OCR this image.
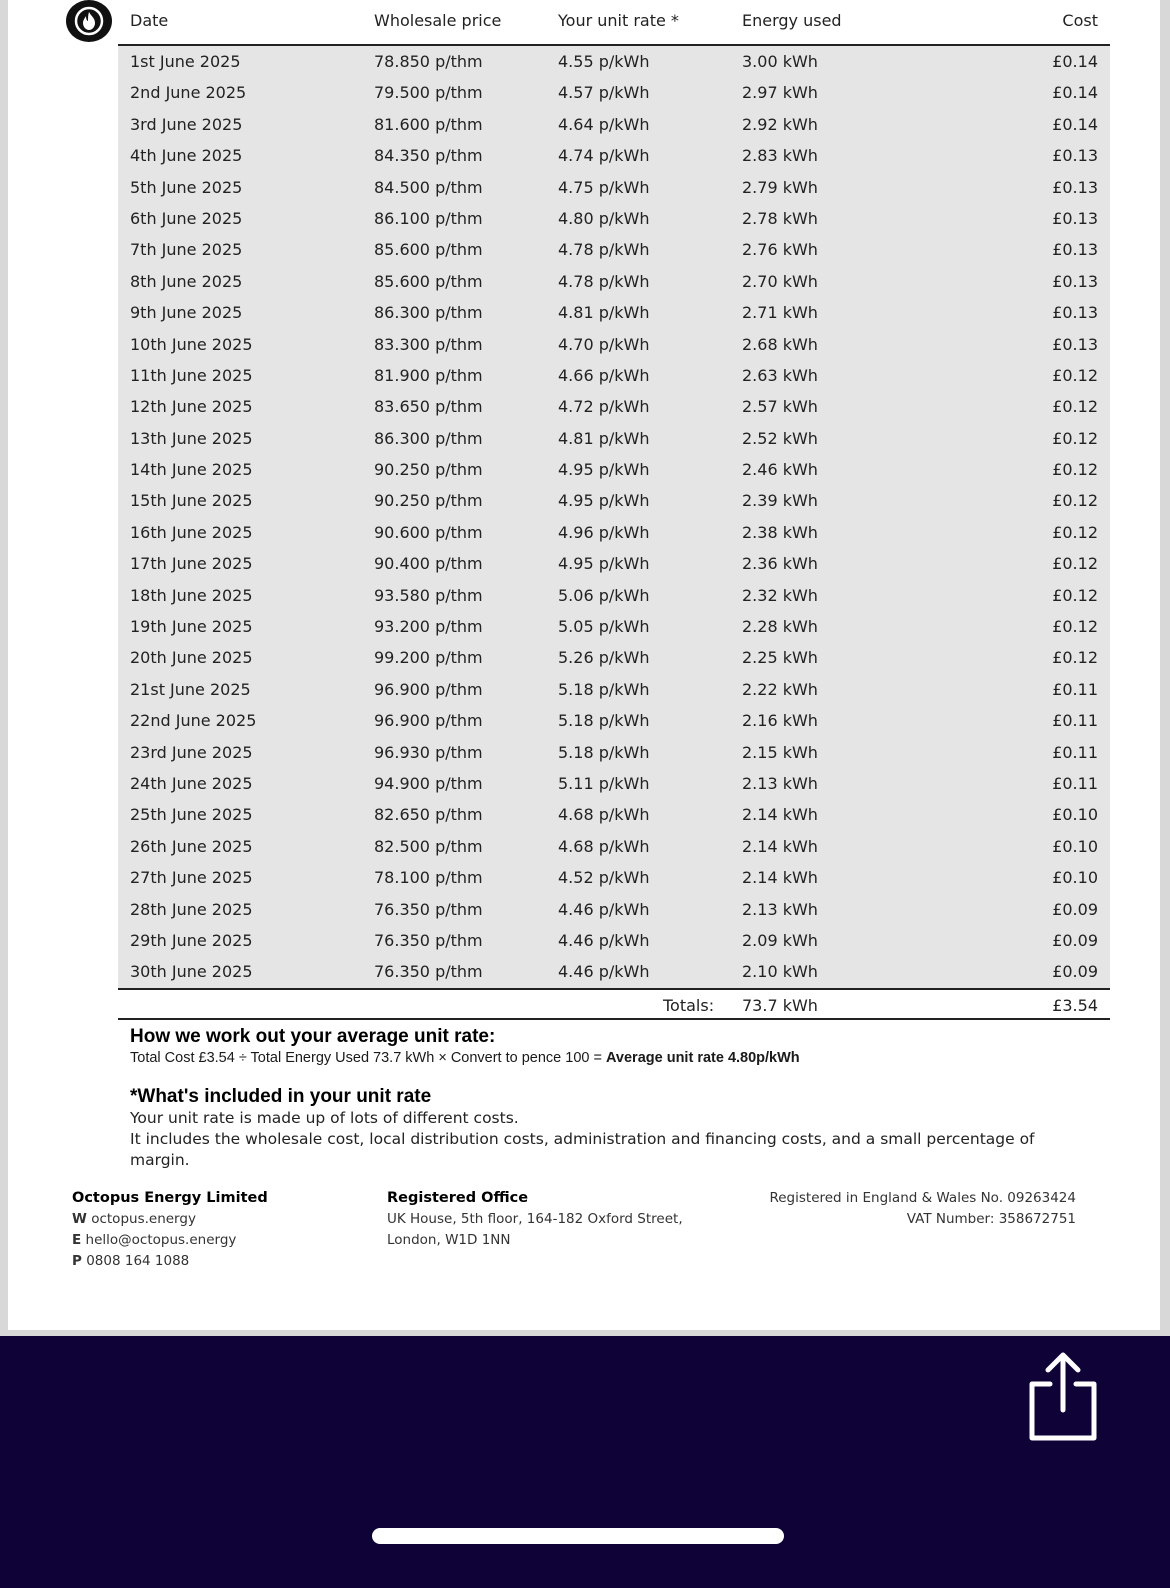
Date	Wholesale price	Your unit rate *	Energy used	Cost
1st June 2025	78.850 p/thm	4.55 p/kWh	3.00 kWh	£0.14
2nd June 2025	79.500 p/thm	4.57 p/kWh	2.97 kWh	£0.14
3rd June 2025	81.600 p/thm	4.64 p/kWh	2.92 kWh	£0.14
4th June 2025	84.350 p/thm	4.74 p/kWh	2.83 kWh	£0.13
5th June 2025	84.500 p/thm	4.75 p/kWh	2.79 kWh	£0.13
6th June 2025	86.100 p/thm	4.80 p/kWh	2.78 kWh	£0.13
7th June 2025	85.600 p/thm	4.78 p/kWh	2.76 kWh	£0.13
8th June 2025	85.600 p/thm	4.78 p/kWh	2.70 kWh	£0.13
9th June 2025	86.300 p/thm	4.81 p/kWh	2.71 kWh	£0.13
10th June 2025	83.300 p/thm	4.70 p/kWh	2.68 kWh	£0.13
11th June 2025	81.900 p/thm	4.66 p/kWh	2.63 kWh	£0.12
12th June 2025	83.650 p/thm	4.72 p/kWh	2.57 kWh	£0.12
13th June 2025	86.300 p/thm	4.81 p/kWh	2.52 kWh	£0.12
14th June 2025	90.250 p/thm	4.95 p/kWh	2.46 kWh	£0.12
15th June 2025	90.250 p/thm	4.95 p/kWh	2.39 kWh	£0.12
16th June 2025	90.600 p/thm	4.96 p/kWh	2.38 kWh	£0.12
17th June 2025	90.400 p/thm	4.95 p/kWh	2.36 kWh	£0.12
18th June 2025	93.580 p/thm	5.06 p/kWh	2.32 kWh	£0.12
19th June 2025	93.200 p/thm	5.05 p/kWh	2.28 kWh	£0.12
20th June 2025	99.200 p/thm	5.26 p/kWh	2.25 kWh	£0.12
21st June 2025	96.900 p/thm	5.18 p/kWh	2.22 kWh	£0.11
22nd June 2025	96.900 p/thm	5.18 p/kWh	2.16 kWh	£0.11
23rd June 2025	96.930 p/thm	5.18 p/kWh	2.15 kWh	£0.11
24th June 2025	94.900 p/thm	5.11 p/kWh	2.13 kWh	£0.11
25th June 2025	82.650 p/thm	4.68 p/kWh	2.14 kWh	£0.10
26th June 2025	82.500 p/thm	4.68 p/kWh	2.14 kWh	£0.10
27th June 2025	78.100 p/thm	4.52 p/kWh	2.14 kWh	£0.10
28th June 2025	76.350 p/thm	4.46 p/kWh	2.13 kWh	£0.09
29th June 2025	76.350 p/thm	4.46 p/kWh	2.09 kWh	£0.09
30th June 2025	76.350 p/thm	4.46 p/kWh	2.10 kWh	£0.09
Totals: 73.7 kWh	£3.54
How we work out your average unit rate:
Total Cost £3.54 ÷ Total Energy Used 73.7 kWh × Convert to pence 100 = Average unit rate 4.80p/kWh
*What's included in your unit rate
Your unit rate is made up of lots of different costs.
It includes the wholesale cost, local distribution costs, administration and financing costs, and a small percentage of margin.
Octopus Energy Limited
W octopus.energy
E hello@octopus.energy
P 0808 164 1088
Registered Office
UK House, 5th floor, 164-182 Oxford Street,
London, W1D 1NN
Registered in England & Wales No. 09263424
VAT Number: 358672751
